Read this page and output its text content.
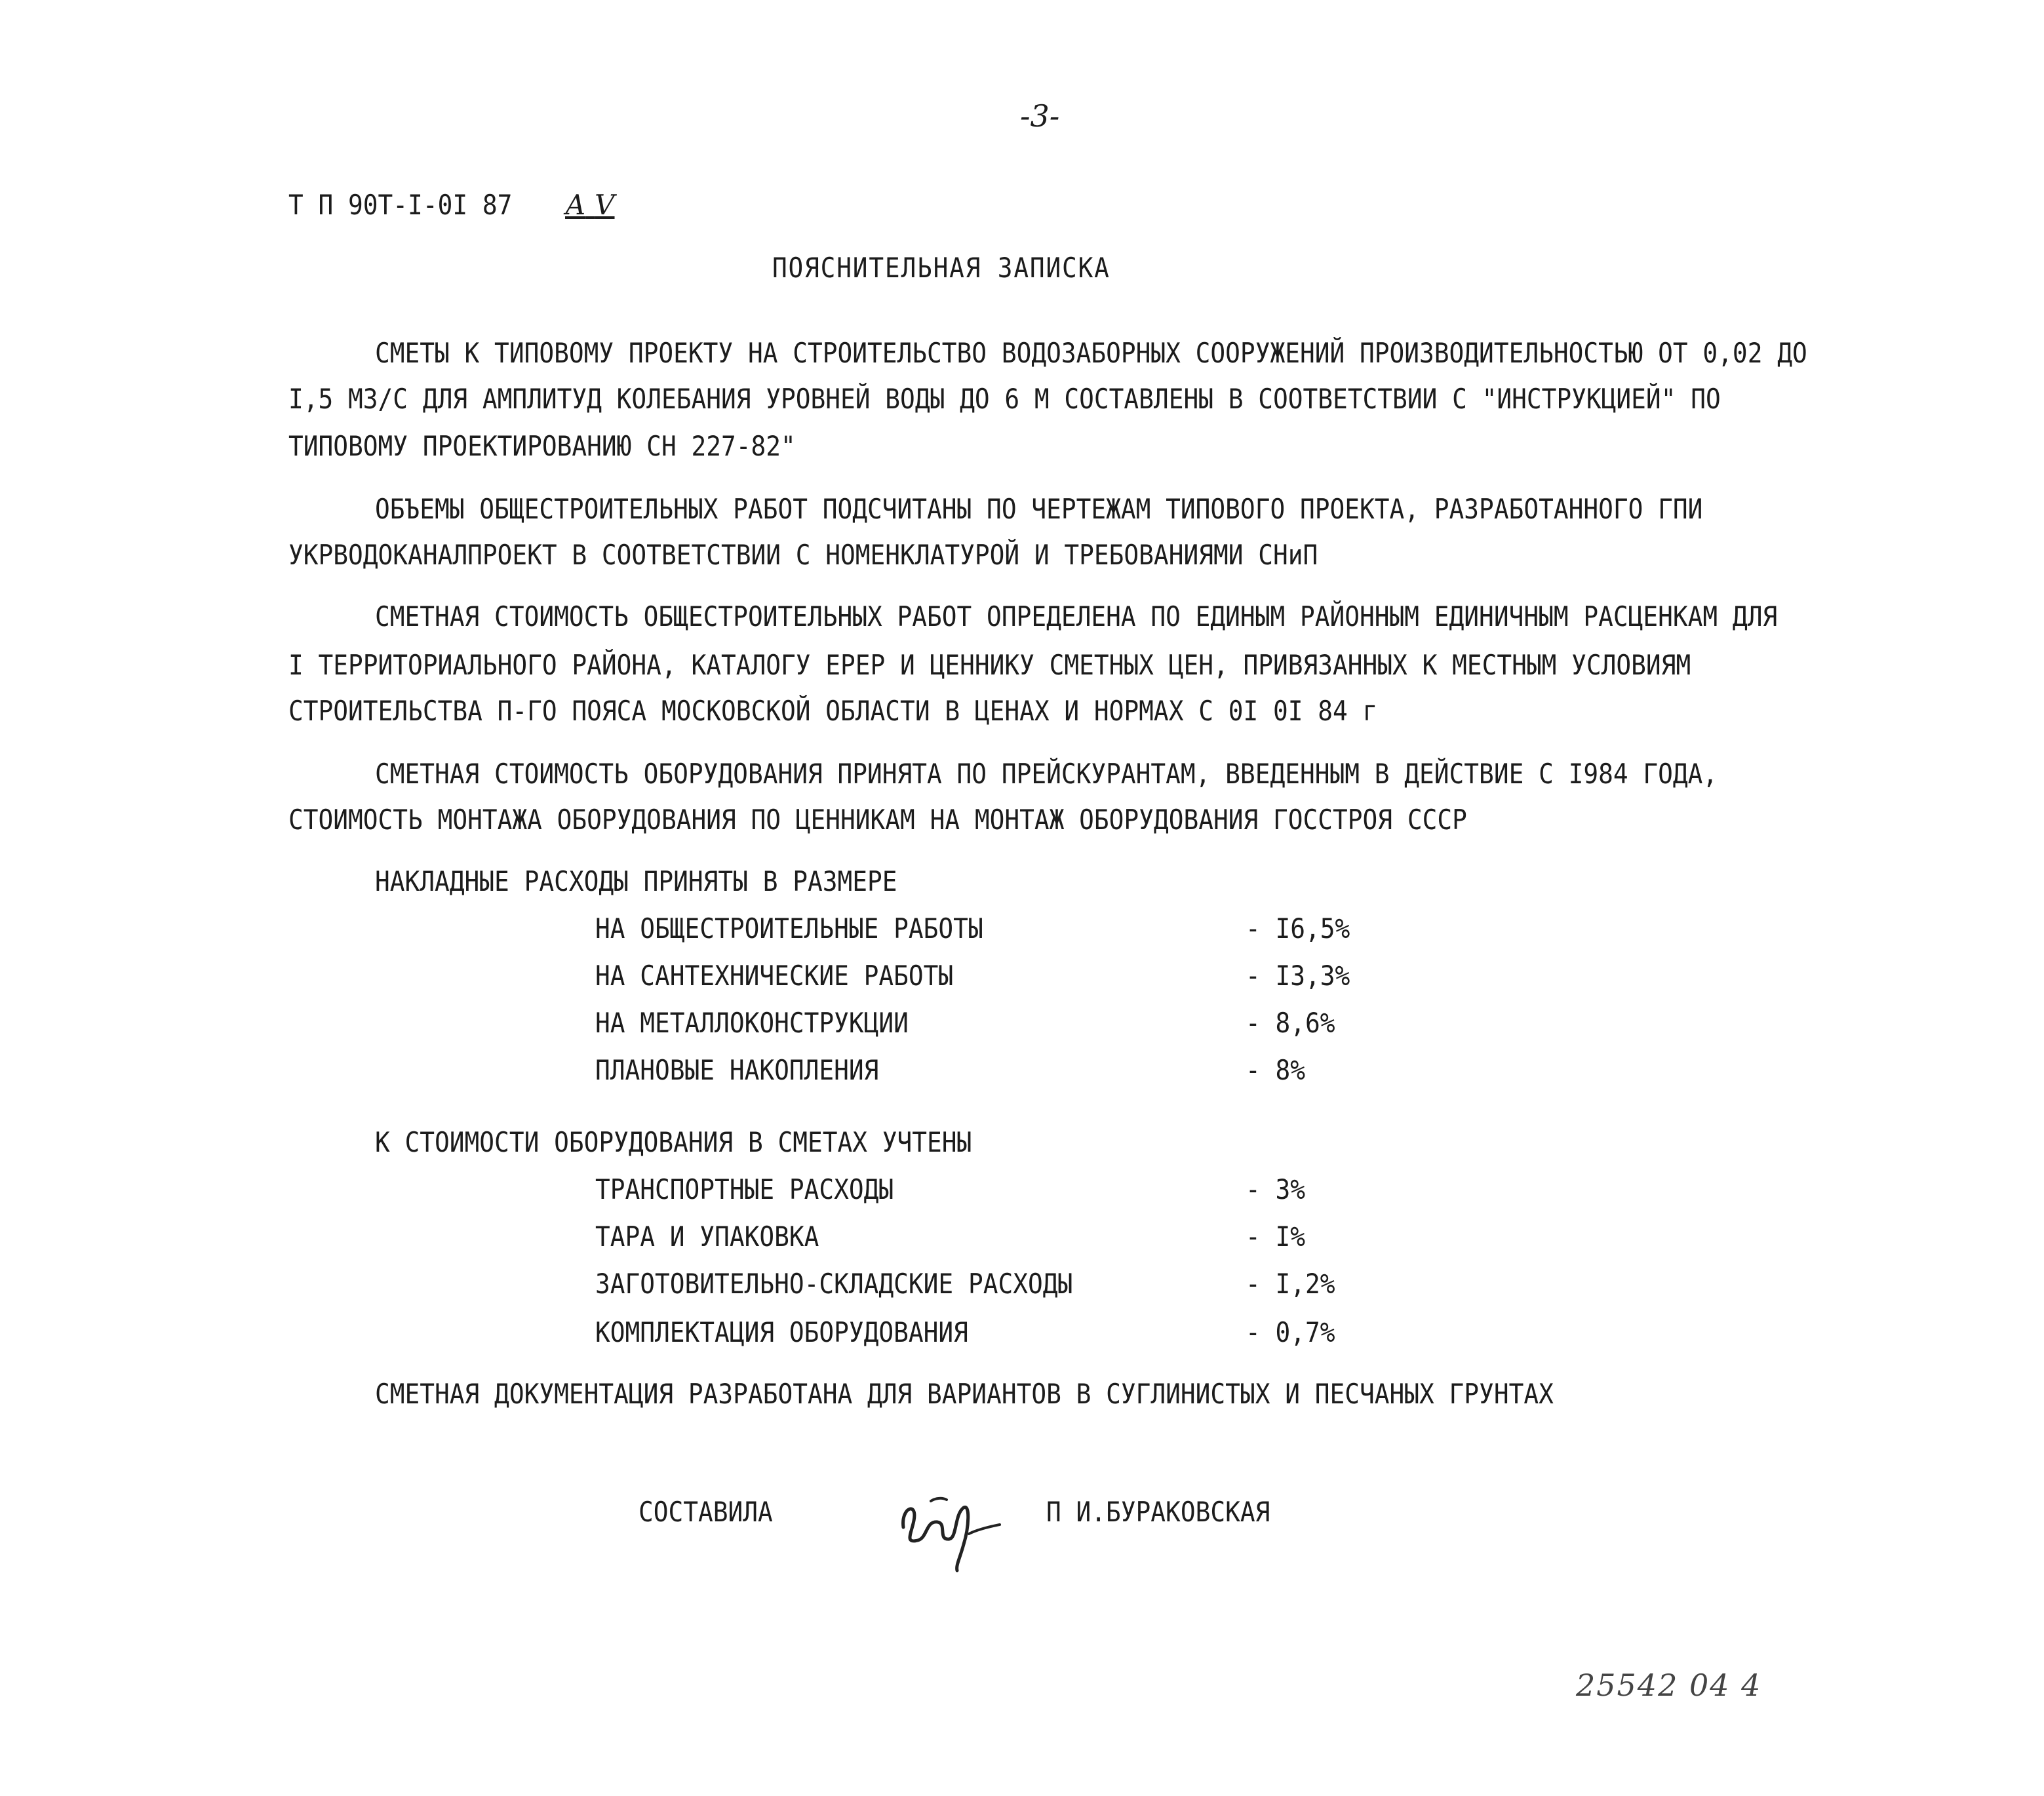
-3-
Т П 90Т-I-0I 87 А V
ПОЯСНИТЕЛЬНАЯ ЗАПИСКА
СМЕТЫ К ТИПОВОМУ ПРОЕКТУ НА СТРОИТЕЛЬСТВО ВОДОЗАБОРНЫХ СООРУЖЕНИЙ ПРОИЗВОДИТЕЛЬНОСТЬЮ ОТ 0,02 ДО
I,5 МЗ/С ДЛЯ АМПЛИТУД КОЛЕБАНИЯ УРОВНЕЙ ВОДЫ ДО 6 М СОСТАВЛЕНЫ В СООТВЕТСТВИИ С "ИНСТРУКЦИЕЙ" ПО
ТИПОВОМУ ПРОЕКТИРОВАНИЮ СН 227-82"
ОБЪЕМЫ ОБЩЕСТРОИТЕЛЬНЫХ РАБОТ ПОДСЧИТАНЫ ПО ЧЕРТЕЖАМ ТИПОВОГО ПРОЕКТА, РАЗРАБОТАННОГО ГПИ
УКРВОДОКАНАЛПРОЕКТ В СООТВЕТСТВИИ С НОМЕНКЛАТУРОЙ И ТРЕБОВАНИЯМИ СНиП
СМЕТНАЯ СТОИМОСТЬ ОБЩЕСТРОИТЕЛЬНЫХ РАБОТ ОПРЕДЕЛЕНА ПО ЕДИНЫМ РАЙОННЫМ ЕДИНИЧНЫМ РАСЦЕНКАМ ДЛЯ
I ТЕРРИТОРИАЛЬНОГО РАЙОНА, КАТАЛОГУ ЕРЕР И ЦЕННИКУ СМЕТНЫХ ЦЕН, ПРИВЯЗАННЫХ К МЕСТНЫМ УСЛОВИЯМ
СТРОИТЕЛЬСТВА П-ГО ПОЯСА МОСКОВСКОЙ ОБЛАСТИ В ЦЕНАХ И НОРМАХ С 0I 0I 84 г
СМЕТНАЯ СТОИМОСТЬ ОБОРУДОВАНИЯ ПРИНЯТА ПО ПРЕЙСКУРАНТАМ, ВВЕДЕННЫМ В ДЕЙСТВИЕ С I984 ГОДА,
СТОИМОСТЬ МОНТАЖА ОБОРУДОВАНИЯ ПО ЦЕННИКАМ НА МОНТАЖ ОБОРУДОВАНИЯ ГОССТРОЯ СССР
НАКЛАДНЫЕ РАСХОДЫ ПРИНЯТЫ В РАЗМЕРЕ
НА ОБЩЕСТРОИТЕЛЬНЫЕ РАБОТЫ	- I6,5%
НА САНТЕХНИЧЕСКИЕ РАБОТЫ	- I3,3%
НА МЕТАЛЛОКОНСТРУКЦИИ	- 8,6%
ПЛАНОВЫЕ НАКОПЛЕНИЯ	- 8%
К СТОИМОСТИ ОБОРУДОВАНИЯ В СМЕТАХ УЧТЕНЫ
ТРАНСПОРТНЫЕ РАСХОДЫ	- 3%
ТАРА И УПАКОВКА	- I%
ЗАГОТОВИТЕЛЬНО-СКЛАДСКИЕ РАСХОДЫ	- I,2%
КОМПЛЕКТАЦИЯ ОБОРУДОВАНИЯ	- 0,7%
СМЕТНАЯ ДОКУМЕНТАЦИЯ РАЗРАБОТАНА ДЛЯ ВАРИАНТОВ В СУГЛИНИСТЫХ И ПЕСЧАНЫХ ГРУНТАХ
СОСТАВИЛА	П И.БУРАКОВСКАЯ
25542 04 4
